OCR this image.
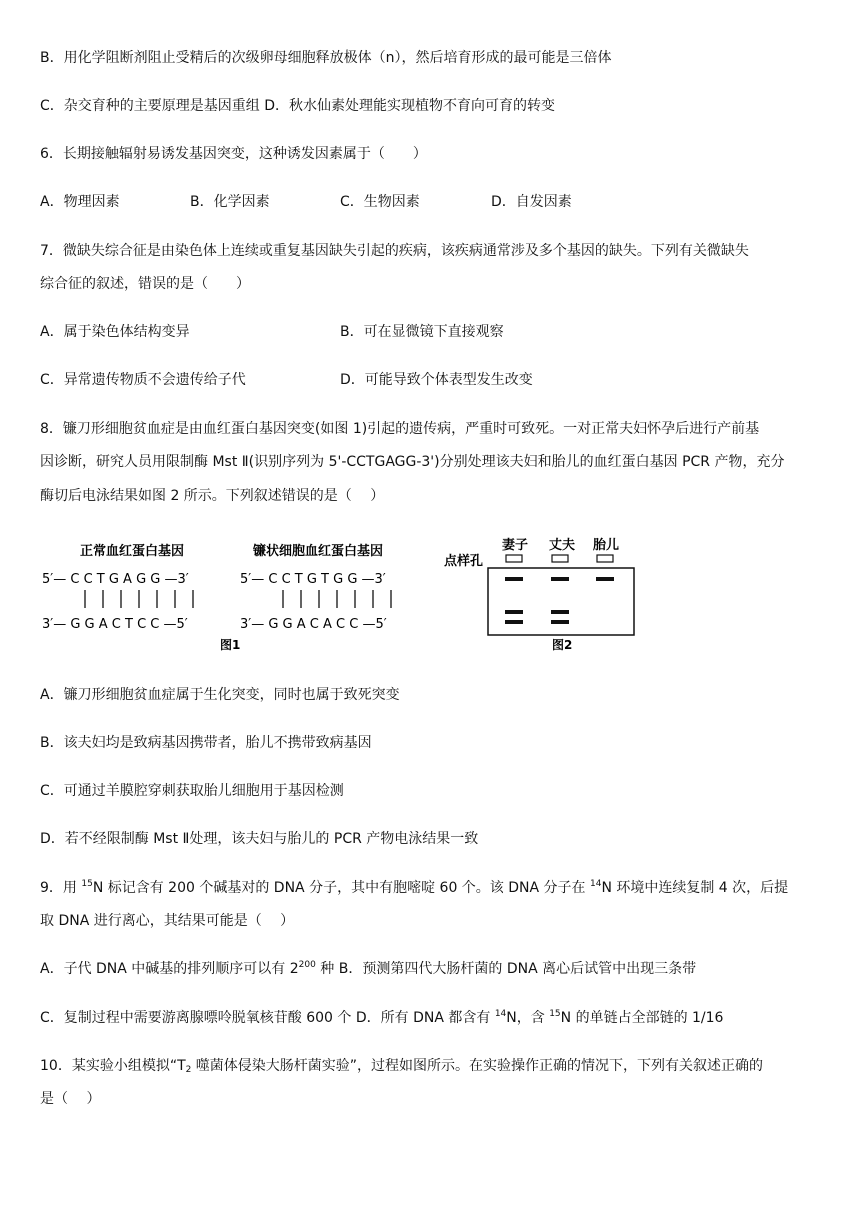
B．用化学阻断剂阻止受精后的次级卵母细胞释放极体（n），然后培育形成的最可能是三倍体
C．杂交育种的主要原理是基因重组 D．秋水仙素处理能实现植物不育向可育的转变
6．长期接触辐射易诱发基因突变，这种诱发因素属于（　　）
A．物理因素	B．化学因素	C．生物因素	D．自发因素
7．微缺失综合征是由染色体上连续或重复基因缺失引起的疾病，该疾病通常涉及多个基因的缺失。下列有关微缺失
综合征的叙述，错误的是（　　）
A．属于染色体结构变异	B．可在显微镜下直接观察
C．异常遗传物质不会遗传给子代	D．可能导致个体表型发生改变
8．镰刀形细胞贫血症是由血红蛋白基因突变(如图 1)引起的遗传病，严重时可致死。一对正常夫妇怀孕后进行产前基
因诊断，研究人员用限制酶 Mst Ⅱ(识别序列为 5'-CCTGAGG-3')分别处理该夫妇和胎儿的血红蛋白基因 PCR 产物，充分
酶切后电泳结果如图 2 所示。下列叙述错误的是（　 ）
正常血红蛋白基因	镰状细胞血红蛋白基因
5′— C C T G A G G —3′	5′— C C T G T G G —3′
3′— G G A C T C C —5′	3′— G G A C A C C —5′
图1
妻子 丈夫 胎儿
点样孔
图2
A．镰刀形细胞贫血症属于生化突变，同时也属于致死突变
B．该夫妇均是致病基因携带者，胎儿不携带致病基因
C．可通过羊膜腔穿刺获取胎儿细胞用于基因检测
D．若不经限制酶 Mst Ⅱ处理，该夫妇与胎儿的 PCR 产物电泳结果一致
9．用 $^{15}$N 标记含有 200 个碱基对的 DNA 分子，其中有胞嘧啶 60 个。该 DNA 分子在 $^{14}$N 环境中连续复制 4 次，后提
取 DNA 进行离心，其结果可能是（　 ）
A．子代 DNA 中碱基的排列顺序可以有 $2^{200}$ 种 B．预测第四代大肠杆菌的 DNA 离心后试管中出现三条带
C．复制过程中需要游离腺嘌呤脱氧核苷酸 600 个 D．所有 DNA 都含有 $^{14}$N，含 $^{15}$N 的单链占全部链的 1/16
10．某实验小组模拟“$T_2$ 噬菌体侵染大肠杆菌实验”，过程如图所示。在实验操作正确的情况下，下列有关叙述正确的
是（　 ）
